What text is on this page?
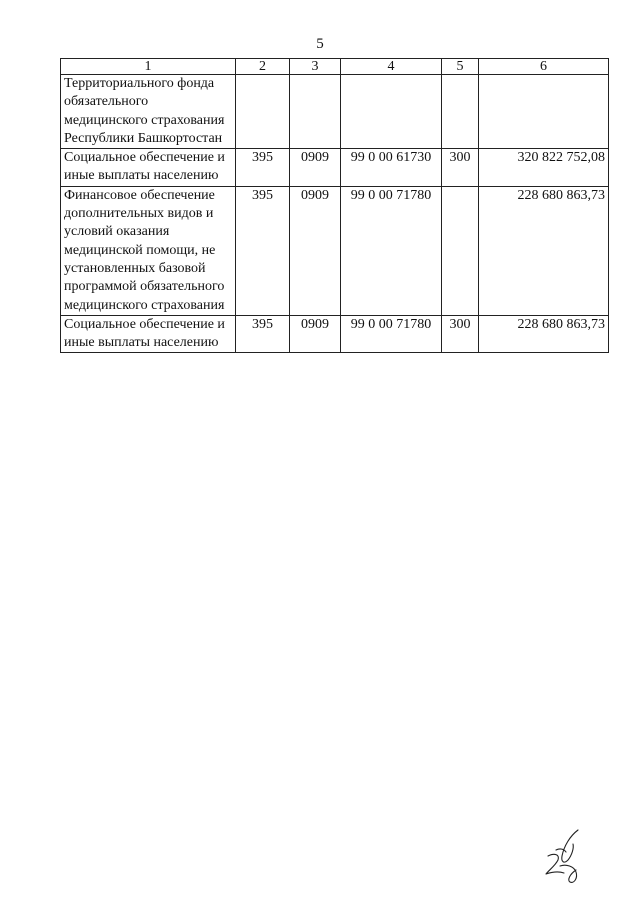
5
1	2	3	4	5	6
Территориального фонда обязательного медицинского страхования Республики Башкортостан					
Социальное обеспечение и иные выплаты населению	395	0909	99 0 00 61730	300	320 822 752,08
Финансовое обеспечение дополнительных видов и условий оказания медицинской помощи, не установленных базовой программой обязательного медицинского страхования	395	0909	99 0 00 71780		228 680 863,73
Социальное обеспечение и иные выплаты населению	395	0909	99 0 00 71780	300	228 680 863,73
